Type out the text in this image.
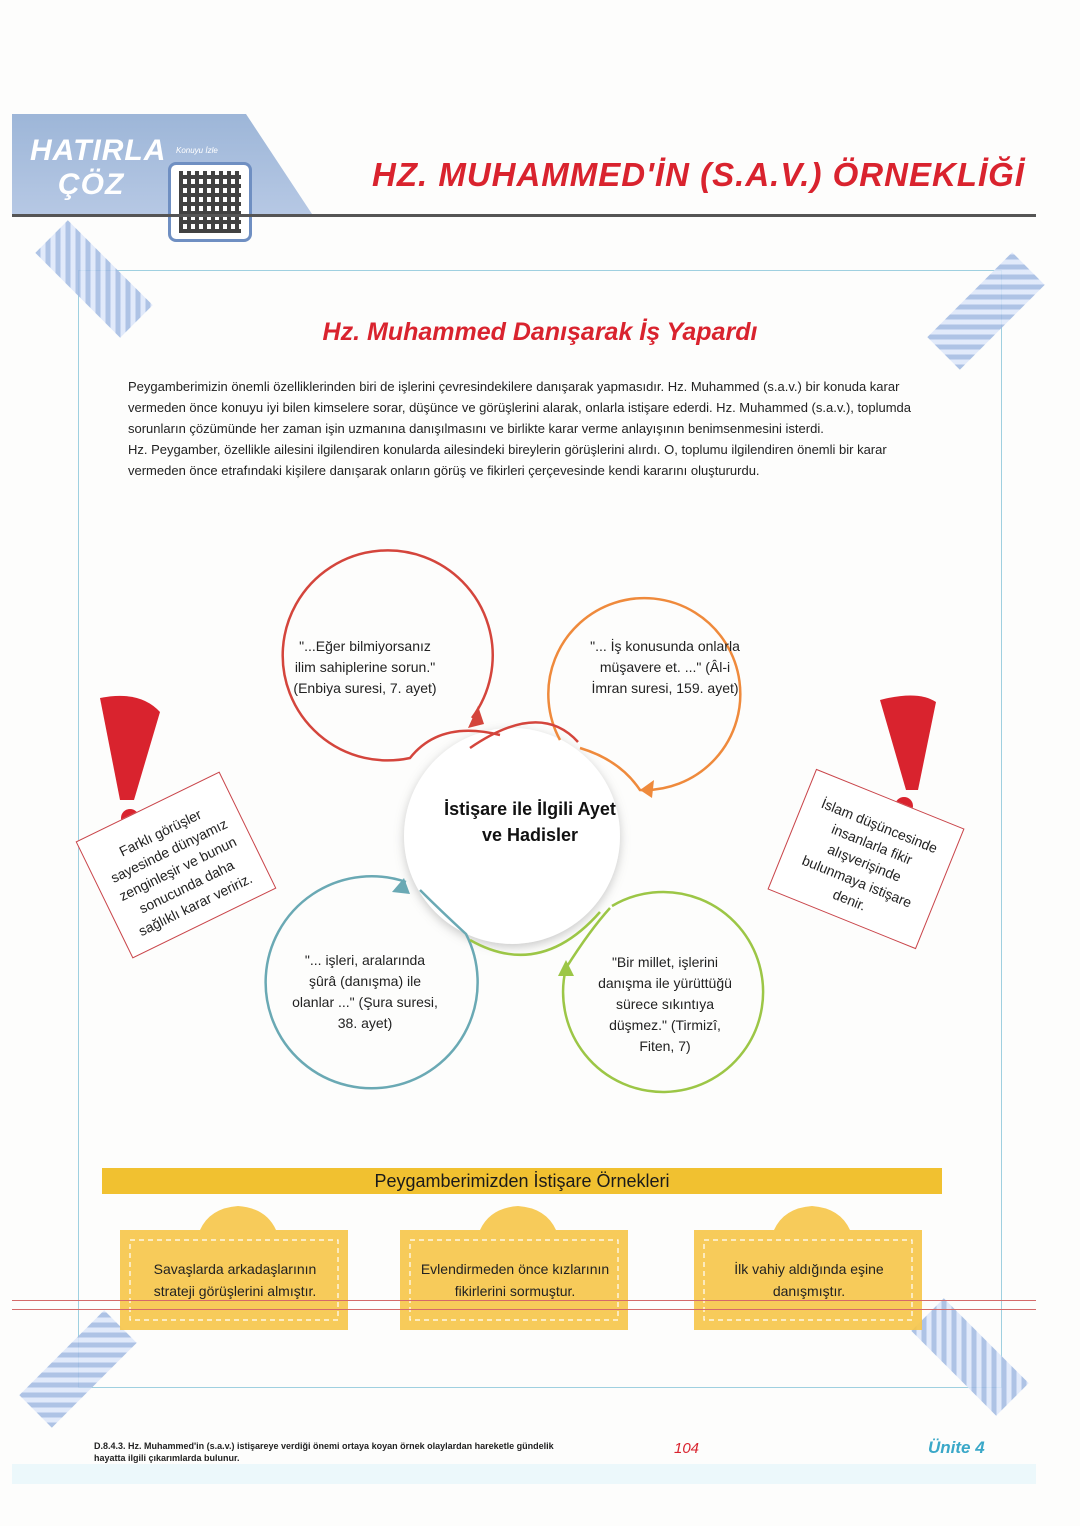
HATIRLA
ÇÖZ
Konuyu İzle
HZ. MUHAMMED'İN (S.A.V.) ÖRNEKLİĞİ
Hz. Muhammed Danışarak İş Yapardı

Peygamberimizin önemli özelliklerinden biri de işlerini çevresindekilere danışarak yapmasıdır. Hz. Muhammed (s.a.v.) bir konuda karar vermeden önce konuyu iyi bilen kimselere sorar, düşünce ve görüşlerini alarak, onlarla istişare ederdi. Hz. Muhammed (s.a.v.), toplumda sorunların çözümünde her zaman işin uzmanına danışılmasını ve birlikte karar verme anlayışının benimsenmesini isterdi.

Hz. Peygamber, özellikle ailesini ilgilendiren konularda ailesindeki bireylerin görüşlerini alırdı. O, toplumu ilgilendiren önemli bir karar vermeden önce etrafındaki kişilere danışarak onların görüş ve fikirleri çerçevesinde kendi kararını oluştururdu.

"...Eğer bilmiyorsanız ilim sahiplerine sorun." (Enbiya suresi, 7. ayet)
"... İş konusunda onlarla müşavere et. ..." (Âl-i İmran suresi, 159. ayet)
"... işleri, aralarında şûrâ (danışma) ile olanlar ..." (Şura suresi, 38. ayet)
"Bir millet, işlerini danışma ile yürüttüğü sürece sıkıntıya düşmez." (Tirmizî, Fiten, 7)
İstişare ile İlgili Ayet ve Hadisler
Farklı görüşler sayesinde dünyamız zenginleşir ve bunun sonucunda daha sağlıklı karar veririz.
İslam düşüncesinde insanlarla fikir alışverişinde bulunmaya istişare denir.
Peygamberimizden İstişare Örnekleri
Savaşlarda arkadaşlarının strateji görüşlerini almıştır.
Evlendirmeden önce kızlarının fikirlerini sormuştur.
İlk vahiy aldığında eşine danışmıştır.
D.8.4.3. Hz. Muhammed'in (s.a.v.) istişareye verdiği önemi ortaya koyan örnek olaylardan hareketle gündelik hayatta ilgili çıkarımlarda bulunur.
104	Ünite 4
